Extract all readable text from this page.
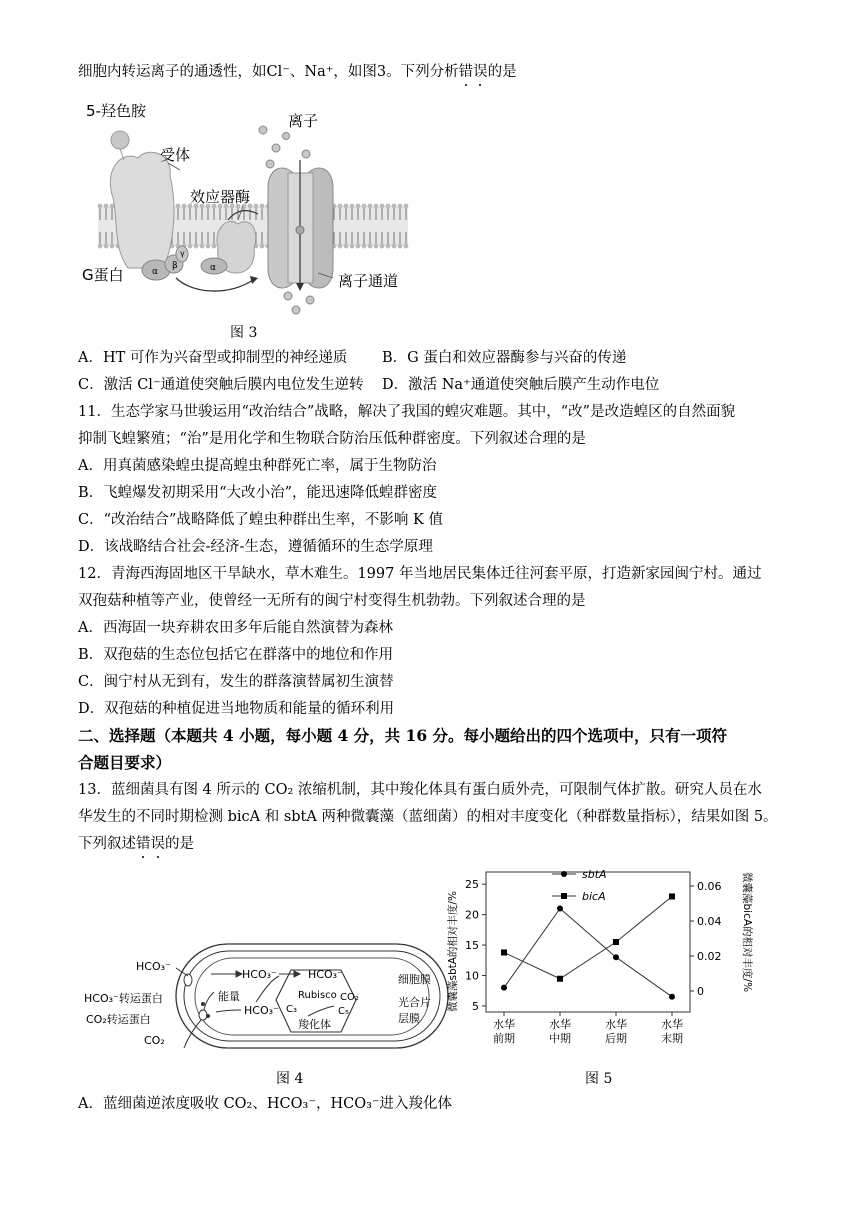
细胞内转运离子的通透性，如Cl⁻、Na⁺，如图3。下列分析错误的是
5-羟色胺
受体
效应器酶
离子
G蛋白	离子通道
α
β
γ
α
图 3
A．HT 可作为兴奋型或抑制型的神经递质 B．G 蛋白和效应器酶参与兴奋的传递
C．激活 Cl⁻通道使突触后膜内电位发生逆转 D．激活 Na⁺通道使突触后膜产生动作电位
11．生态学家马世骏运用“改治结合”战略，解决了我国的蝗灾难题。其中，“改”是改造蝗区的自然面貌
抑制飞蝗繁殖；“治”是用化学和生物联合防治压低种群密度。下列叙述合理的是
A．用真菌感染蝗虫提高蝗虫种群死亡率，属于生物防治
B．飞蝗爆发初期采用“大改小治”，能迅速降低蝗群密度
C．“改治结合”战略降低了蝗虫种群出生率，不影响 K 值
D．该战略结合社会-经济-生态，遵循循环的生态学原理
12．青海西海固地区干旱缺水，草木难生。1997 年当地居民集体迁往河套平原，打造新家园闽宁村。通过
双孢菇种植等产业，使曾经一无所有的闽宁村变得生机勃勃。下列叙述合理的是
A．西海固一块弃耕农田多年后能自然演替为森林
B．双孢菇的生态位包括它在群落中的地位和作用
C．闽宁村从无到有，发生的群落演替属初生演替
D．双孢菇的种植促进当地物质和能量的循环利用
二、选择题（本题共 4 小题，每小题 4 分，共 16 分。每小题给出的四个选项中，只有一项符
合题目要求）
13．蓝细菌具有图 4 所示的 CO₂ 浓缩机制，其中羧化体具有蛋白质外壳，可限制气体扩散。研究人员在水
华发生的不同时期检测 bicA 和 sbtA 两种微囊藻（蓝细菌）的相对丰度变化（种群数量指标），结果如图 5。
下列叙述错误的是
HCO₃⁻
HCO₃⁻	HCO₃⁻
HCO₃⁻
HCO₃⁻转运蛋白
CO₂转运蛋白
CO₂
能量	Rubisco CO₂
C₃	C₅
羧化体
细胞膜
光合片
层膜
图 4
5
10
15
20
25
0
0.02
0.04
0.06
水华
前期
水华
中期
水华
后期
水华
末期
微囊藻sbtA的相对丰度/%	微囊藻bicA的相对丰度/%
sbtA
bicA
图 5
A．蓝细菌逆浓度吸收 CO₂、HCO₃⁻，HCO₃⁻进入羧化体
